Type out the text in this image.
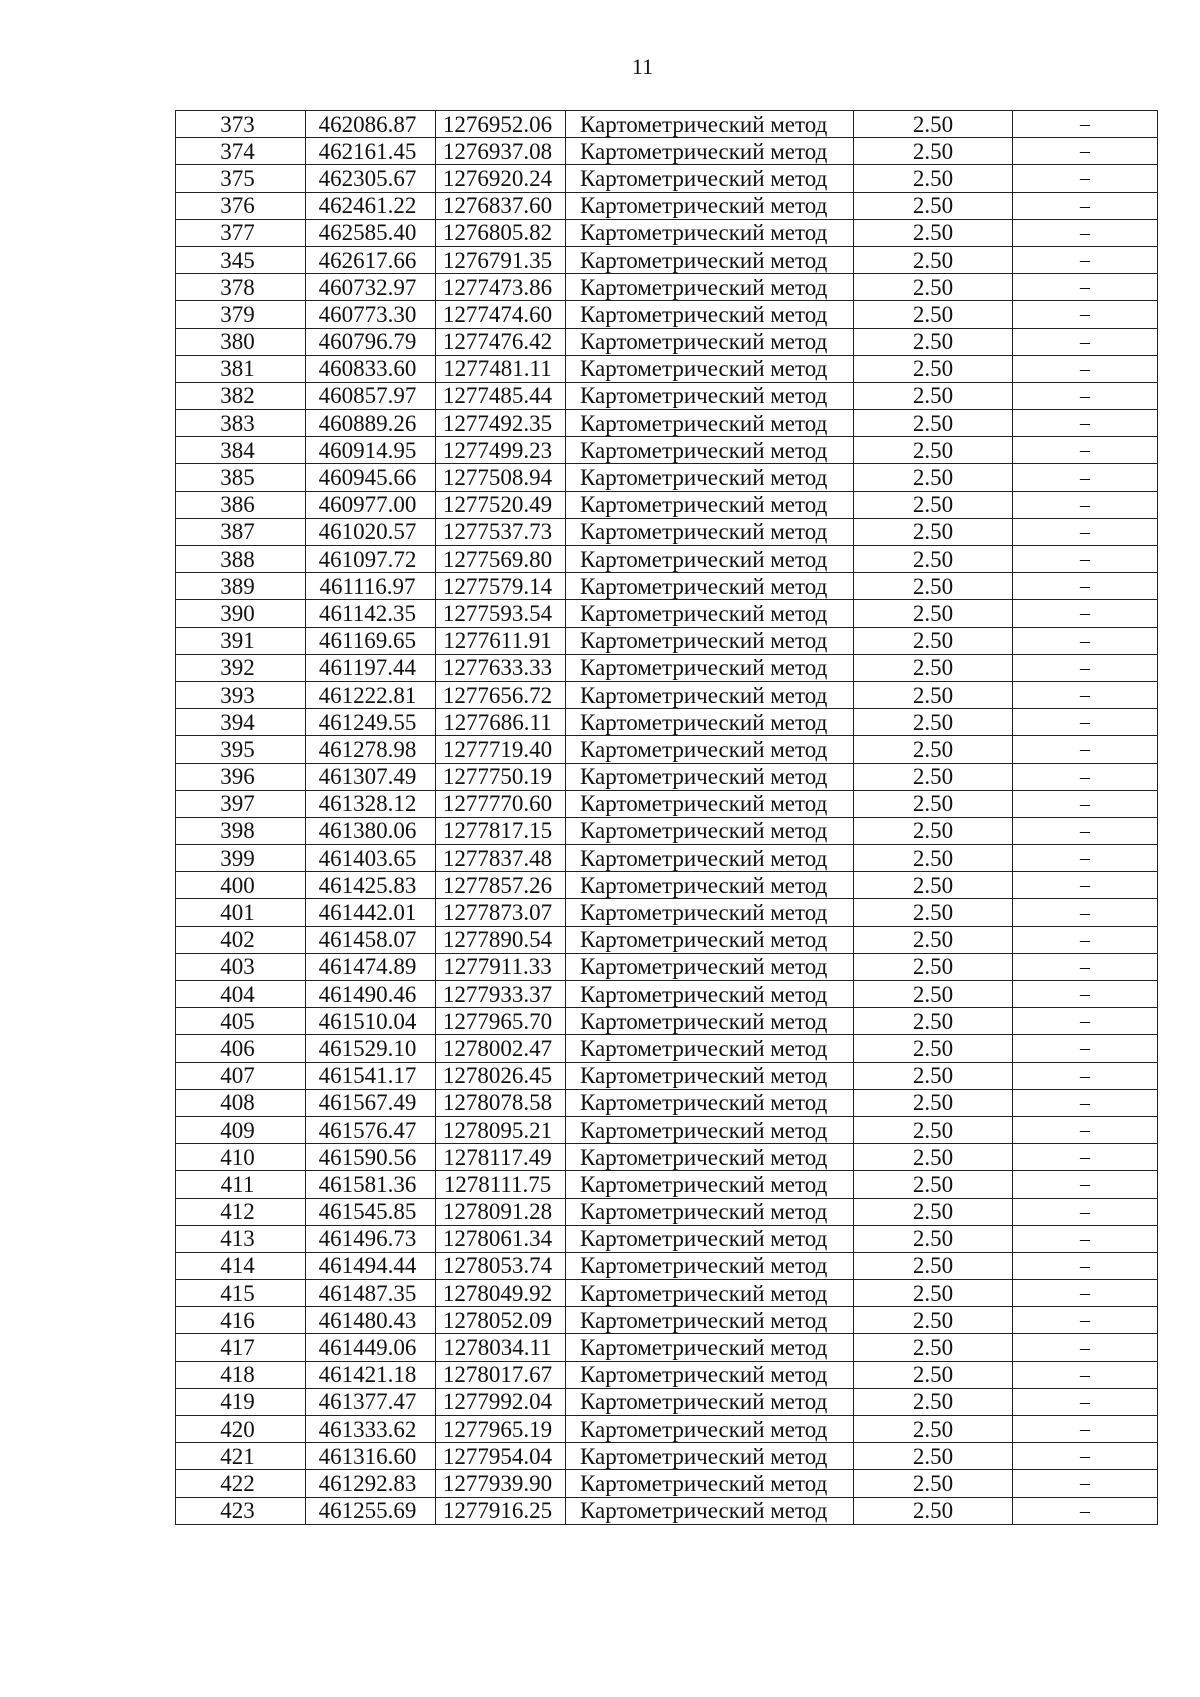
11
373	462086.87	1276952.06	Картометрический метод	2.50	–
374	462161.45	1276937.08	Картометрический метод	2.50	–
375	462305.67	1276920.24	Картометрический метод	2.50	–
376	462461.22	1276837.60	Картометрический метод	2.50	–
377	462585.40	1276805.82	Картометрический метод	2.50	–
345	462617.66	1276791.35	Картометрический метод	2.50	–
378	460732.97	1277473.86	Картометрический метод	2.50	–
379	460773.30	1277474.60	Картометрический метод	2.50	–
380	460796.79	1277476.42	Картометрический метод	2.50	–
381	460833.60	1277481.11	Картометрический метод	2.50	–
382	460857.97	1277485.44	Картометрический метод	2.50	–
383	460889.26	1277492.35	Картометрический метод	2.50	–
384	460914.95	1277499.23	Картометрический метод	2.50	–
385	460945.66	1277508.94	Картометрический метод	2.50	–
386	460977.00	1277520.49	Картометрический метод	2.50	–
387	461020.57	1277537.73	Картометрический метод	2.50	–
388	461097.72	1277569.80	Картометрический метод	2.50	–
389	461116.97	1277579.14	Картометрический метод	2.50	–
390	461142.35	1277593.54	Картометрический метод	2.50	–
391	461169.65	1277611.91	Картометрический метод	2.50	–
392	461197.44	1277633.33	Картометрический метод	2.50	–
393	461222.81	1277656.72	Картометрический метод	2.50	–
394	461249.55	1277686.11	Картометрический метод	2.50	–
395	461278.98	1277719.40	Картометрический метод	2.50	–
396	461307.49	1277750.19	Картометрический метод	2.50	–
397	461328.12	1277770.60	Картометрический метод	2.50	–
398	461380.06	1277817.15	Картометрический метод	2.50	–
399	461403.65	1277837.48	Картометрический метод	2.50	–
400	461425.83	1277857.26	Картометрический метод	2.50	–
401	461442.01	1277873.07	Картометрический метод	2.50	–
402	461458.07	1277890.54	Картометрический метод	2.50	–
403	461474.89	1277911.33	Картометрический метод	2.50	–
404	461490.46	1277933.37	Картометрический метод	2.50	–
405	461510.04	1277965.70	Картометрический метод	2.50	–
406	461529.10	1278002.47	Картометрический метод	2.50	–
407	461541.17	1278026.45	Картометрический метод	2.50	–
408	461567.49	1278078.58	Картометрический метод	2.50	–
409	461576.47	1278095.21	Картометрический метод	2.50	–
410	461590.56	1278117.49	Картометрический метод	2.50	–
411	461581.36	1278111.75	Картометрический метод	2.50	–
412	461545.85	1278091.28	Картометрический метод	2.50	–
413	461496.73	1278061.34	Картометрический метод	2.50	–
414	461494.44	1278053.74	Картометрический метод	2.50	–
415	461487.35	1278049.92	Картометрический метод	2.50	–
416	461480.43	1278052.09	Картометрический метод	2.50	–
417	461449.06	1278034.11	Картометрический метод	2.50	–
418	461421.18	1278017.67	Картометрический метод	2.50	–
419	461377.47	1277992.04	Картометрический метод	2.50	–
420	461333.62	1277965.19	Картометрический метод	2.50	–
421	461316.60	1277954.04	Картометрический метод	2.50	–
422	461292.83	1277939.90	Картометрический метод	2.50	–
423	461255.69	1277916.25	Картометрический метод	2.50	–
